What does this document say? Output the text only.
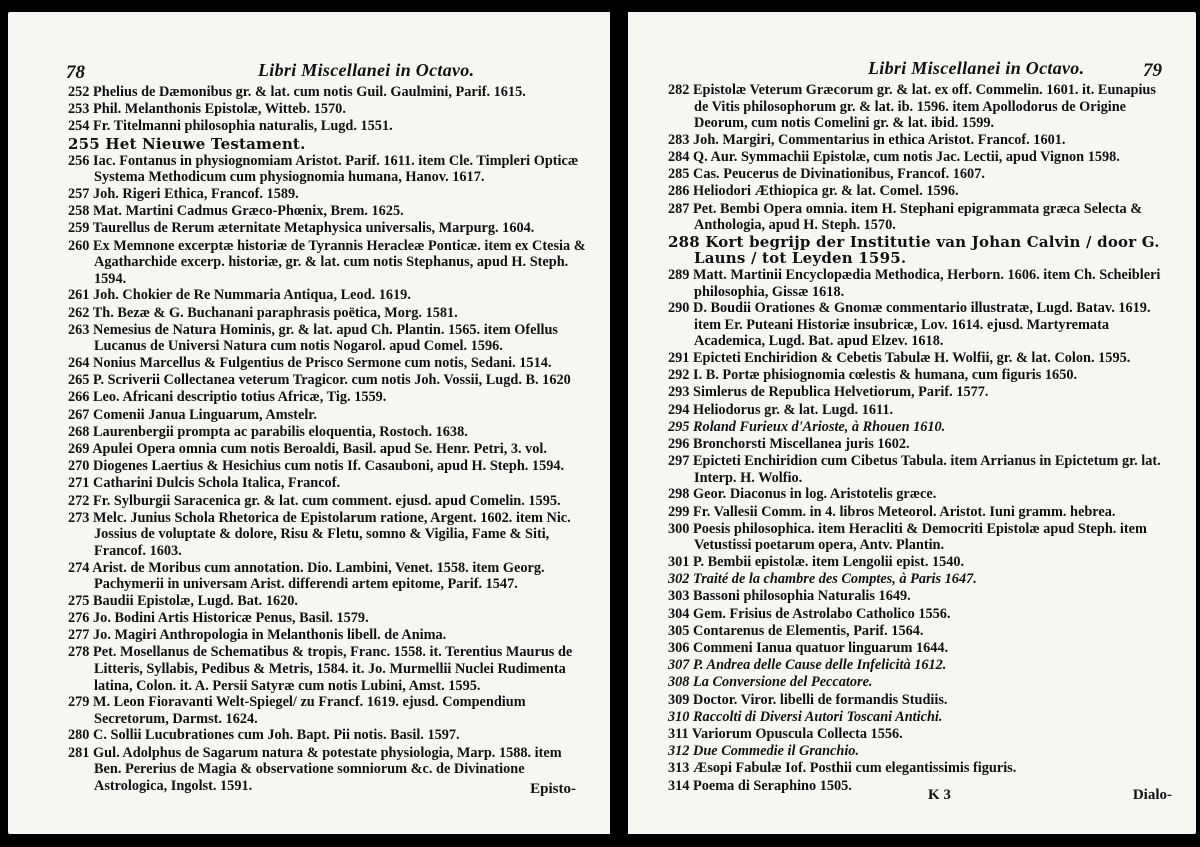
78	Libri Miscellanei in Octavo.
252 Phelius de Dæmonibus gr. & lat. cum notis Guil. Gaulmini, Parif. 1615.
253 Phil. Melanthonis Epistolæ, Witteb. 1570.
254 Fr. Titelmanni philosophia naturalis, Lugd. 1551.
255 Het Nieuwe Testament.
256 Iac. Fontanus in physiognomiam Aristot. Parif. 1611. item Cle. Timpleri Opticæ Systema Methodicum cum physiognomia humana, Hanov. 1617.
257 Joh. Rigeri Ethica, Francof. 1589.
258 Mat. Martini Cadmus Græco-Phœnix, Brem. 1625.
259 Taurellus de Rerum æternitate Metaphysica universalis, Marpurg. 1604.
260 Ex Memnone excerptæ historiæ de Tyrannis Heracleæ Ponticæ. item ex Ctesia & Agatharchide excerp. historiæ, gr. & lat. cum notis Stephanus, apud H. Steph. 1594.
261 Joh. Chokier de Re Nummaria Antiqua, Leod. 1619.
262 Th. Bezæ & G. Buchanani paraphrasis poëtica, Morg. 1581.
263 Nemesius de Natura Hominis, gr. & lat. apud Ch. Plantin. 1565. item Ofellus Lucanus de Universi Natura cum notis Nogarol. apud Comel. 1596.
264 Nonius Marcellus & Fulgentius de Prisco Sermone cum notis, Sedani. 1514.
265 P. Scriverii Collectanea veterum Tragicor. cum notis Joh. Vossii, Lugd. B. 1620
266 Leo. Africani descriptio totius Africæ, Tig. 1559.
267 Comenii Janua Linguarum, Amstelr.
268 Laurenbergii prompta ac parabilis eloquentia, Rostoch. 1638.
269 Apulei Opera omnia cum notis Beroaldi, Basil. apud Se. Henr. Petri, 3. vol.
270 Diogenes Laertius & Hesichius cum notis If. Casauboni, apud H. Steph. 1594.
271 Catharini Dulcis Schola Italica, Francof.
272 Fr. Sylburgii Saracenica gr. & lat. cum comment. ejusd. apud Comelin. 1595.
273 Melc. Junius Schola Rhetorica de Epistolarum ratione, Argent. 1602. item Nic. Jossius de voluptate & dolore, Risu & Fletu, somno & Vigilia, Fame & Siti, Francof. 1603.
274 Arist. de Moribus cum annotation. Dio. Lambini, Venet. 1558. item Georg. Pachymerii in universam Arist. differendi artem epitome, Parif. 1547.
275 Baudii Epistolæ, Lugd. Bat. 1620.
276 Jo. Bodini Artis Historicæ Penus, Basil. 1579.
277 Jo. Magiri Anthropologia in Melanthonis libell. de Anima.
278 Pet. Mosellanus de Schematibus & tropis, Franc. 1558. it. Terentius Maurus de Litteris, Syllabis, Pedibus & Metris, 1584. it. Jo. Murmellii Nuclei Rudimenta latina, Colon. it. A. Persii Satyræ cum notis Lubini, Amst. 1595.
279 M. Leon Fioravanti Welt-Spiegel/ zu Francf. 1619. ejusd. Compendium Secretorum, Darmst. 1624.
280 C. Sollii Lucubrationes cum Joh. Bapt. Pii notis. Basil. 1597.
281 Gul. Adolphus de Sagarum natura & potestate physiologia, Marp. 1588. item Ben. Pererius de Magia & observatione somniorum &c. de Divinatione Astrologica, Ingolst. 1591.	Episto-
Libri Miscellanei in Octavo.	79
282 Epistolæ Veterum Græcorum gr. & lat. ex off. Commelin. 1601. it. Eunapius de Vitis philosophorum gr. & lat. ib. 1596. item Apollodorus de Origine Deorum, cum notis Comelini gr. & lat. ibid. 1599.
283 Joh. Margiri, Commentarius in ethica Aristot. Francof. 1601.
284 Q. Aur. Symmachii Epistolæ, cum notis Jac. Lectii, apud Vignon 1598.
285 Cas. Peucerus de Divinationibus, Francof. 1607.
286 Heliodori Æthiopica gr. & lat. Comel. 1596.
287 Pet. Bembi Opera omnia. item H. Stephani epigrammata græca Selecta & Anthologia, apud H. Steph. 1570.
288 Kort begrijp der Institutie van Johan Calvin / door G. Launs / tot Leyden 1595.
289 Matt. Martinii Encyclopædia Methodica, Herborn. 1606. item Ch. Scheibleri philosophia, Gissæ 1618.
290 D. Boudii Orationes & Gnomæ commentario illustratæ, Lugd. Batav. 1619. item Er. Puteani Historiæ insubricæ, Lov. 1614. ejusd. Martyremata Academica, Lugd. Bat. apud Elzev. 1618.
291 Epicteti Enchiridion & Cebetis Tabulæ H. Wolfii, gr. & lat. Colon. 1595.
292 I. B. Portæ phisiognomia cœlestis & humana, cum figuris 1650.
293 Simlerus de Republica Helvetiorum, Parif. 1577.
294 Heliodorus gr. & lat. Lugd. 1611.
295 Roland Furieux d'Arioste, à Rhouen 1610.
296 Bronchorsti Miscellanea juris 1602.
297 Epicteti Enchiridion cum Cibetus Tabula. item Arrianus in Epictetum gr. lat. Interp. H. Wolfio.
298 Geor. Diaconus in log. Aristotelis græce.
299 Fr. Vallesii Comm. in 4. libros Meteorol. Aristot. Iuni gramm. hebrea.
300 Poesis philosophica. item Heracliti & Democriti Epistolæ apud Steph. item Vetustissi poetarum opera, Antv. Plantin.
301 P. Bembii epistolæ. item Lengolii epist. 1540.
302 Traité de la chambre des Comptes, à Paris 1647.
303 Bassoni philosophia Naturalis 1649.
304 Gem. Frisius de Astrolabo Catholico 1556.
305 Contarenus de Elementis, Parif. 1564.
306 Commeni Ianua quatuor linguarum 1644.
307 P. Andrea delle Cause delle Infelicità 1612.
308 La Conversione del Peccatore.
309 Doctor. Viror. libelli de formandis Studiis.
310 Raccolti di Diversi Autori Toscani Antichi.
311 Variorum Opuscula Collecta 1556.
312 Due Commedie il Granchio.
313 Æsopi Fabulæ Iof. Posthii cum elegantissimis figuris.
314 Poema di Seraphino 1505.
K 3	Dialo-
